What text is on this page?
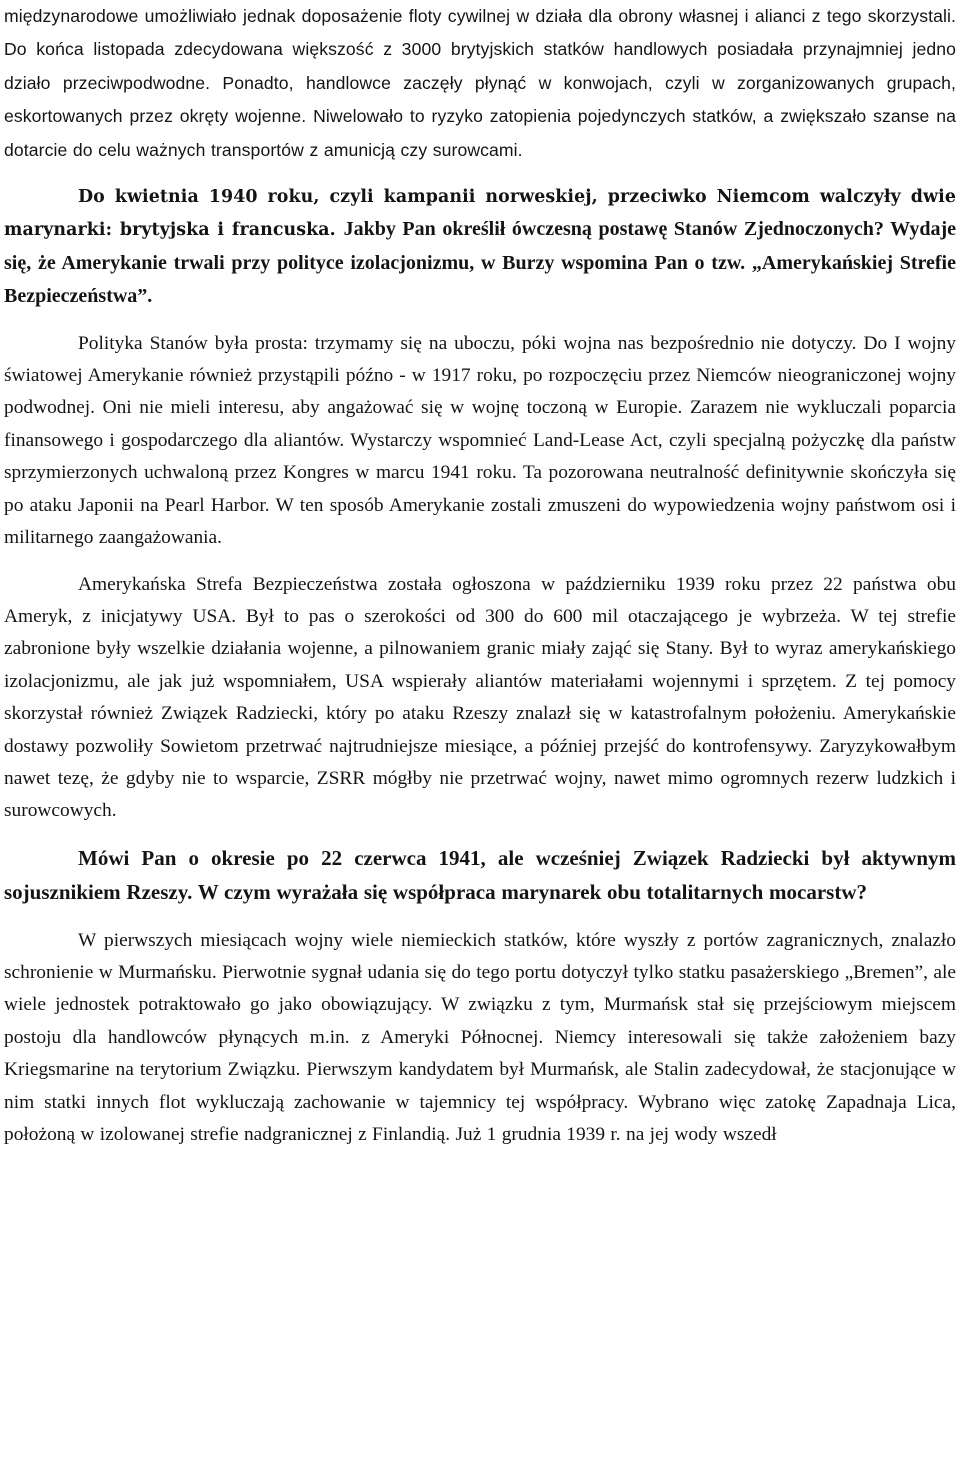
międzynarodowe umożliwiało jednak doposażenie floty cywilnej w działa dla obrony własnej i alianci z tego skorzystali. Do końca listopada zdecydowana większość z 3000 brytyjskich statków handlowych posiadała przynajmniej jedno działo przeciwpodwodne. Ponadto, handlowce zaczęły płynąć w konwojach, czyli w zorganizowanych grupach, eskortowanych przez okręty wojenne. Niwelowało to ryzyko zatopienia pojedynczych statków, a zwiększało szanse na dotarcie do celu ważnych transportów z amunicją czy surowcami.

Do kwietnia 1940 roku, czyli kampanii norweskiej, przeciwko Niemcom walczyły dwie marynarki: brytyjska i francuska. Jakby Pan określił ówczesną postawę Stanów Zjednoczonych? Wydaje się, że Amerykanie trwali przy polityce izolacjonizmu, w Burzy wspomina Pan o tzw. „Amerykańskiej Strefie Bezpieczeństwa”.

Polityka Stanów była prosta: trzymamy się na uboczu, póki wojna nas bezpośrednio nie dotyczy. Do I wojny światowej Amerykanie również przystąpili późno - w 1917 roku, po rozpoczęciu przez Niemców nieograniczonej wojny podwodnej. Oni nie mieli interesu, aby angażować się w wojnę toczoną w Europie. Zarazem nie wykluczali poparcia finansowego i gospodarczego dla aliantów. Wystarczy wspomnieć Land-Lease Act, czyli specjalną pożyczkę dla państw sprzymierzonych uchwaloną przez Kongres w marcu 1941 roku. Ta pozorowana neutralność definitywnie skończyła się po ataku Japonii na Pearl Harbor. W ten sposób Amerykanie zostali zmuszeni do wypowiedzenia wojny państwom osi i militarnego zaangażowania.

Amerykańska Strefa Bezpieczeństwa została ogłoszona w październiku 1939 roku przez 22 państwa obu Ameryk, z inicjatywy USA. Był to pas o szerokości od 300 do 600 mil otaczającego je wybrzeża. W tej strefie zabronione były wszelkie działania wojenne, a pilnowaniem granic miały zająć się Stany. Był to wyraz amerykańskiego izolacjonizmu, ale jak już wspomniałem, USA wspierały aliantów materiałami wojennymi i sprzętem. Z tej pomocy skorzystał również Związek Radziecki, który po ataku Rzeszy znalazł się w katastrofalnym położeniu. Amerykańskie dostawy pozwoliły Sowietom przetrwać najtrudniejsze miesiące, a później przejść do kontrofensywy. Zaryzykowałbym nawet tezę, że gdyby nie to wsparcie, ZSRR mógłby nie przetrwać wojny, nawet mimo ogromnych rezerw ludzkich i surowcowych.

Mówi Pan o okresie po 22 czerwca 1941, ale wcześniej Związek Radziecki był aktywnym sojusznikiem Rzeszy. W czym wyrażała się współpraca marynarek obu totalitarnych mocarstw?

W pierwszych miesiącach wojny wiele niemieckich statków, które wyszły z portów zagranicznych, znalazło schronienie w Murmańsku. Pierwotnie sygnał udania się do tego portu dotyczył tylko statku pasażerskiego „Bremen”, ale wiele jednostek potraktowało go jako obowiązujący. W związku z tym, Murmańsk stał się przejściowym miejscem postoju dla handlowców płynących m.in. z Ameryki Północnej. Niemcy interesowali się także założeniem bazy Kriegsmarine na terytorium Związku. Pierwszym kandydatem był Murmańsk, ale Stalin zadecydował, że stacjonujące w nim statki innych flot wykluczają zachowanie w tajemnicy tej współpracy. Wybrano więc zatokę Zapadnaja Lica, położoną w izolowanej strefie nadgranicznej z Finlandią. Już 1 grudnia 1939 r. na jej wody wszedł
